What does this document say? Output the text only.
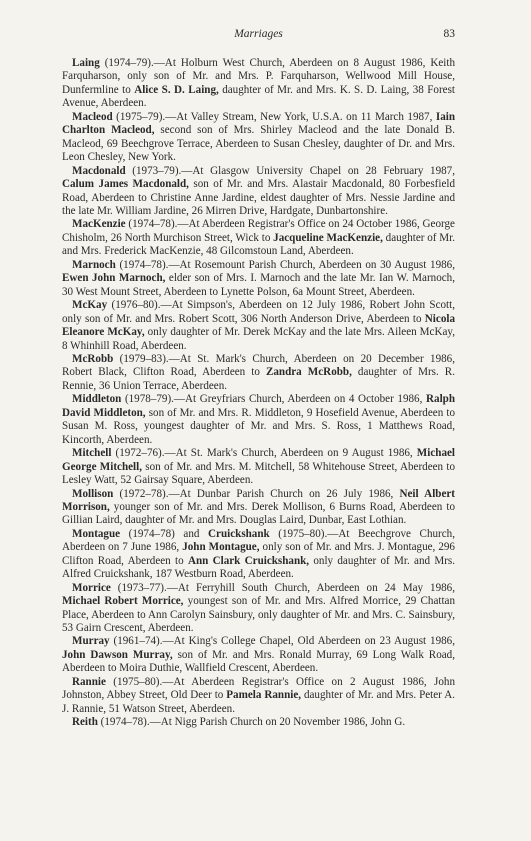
Marriages	83

Laing (1974–79).—At Holburn West Church, Aberdeen on 8 August 1986, Keith Farquharson, only son of Mr. and Mrs. P. Farquharson, Wellwood Mill House, Dunfermline to Alice S. D. Laing, daughter of Mr. and Mrs. K. S. D. Laing, 38 Forest Avenue, Aberdeen.

Macleod (1975–79).—At Valley Stream, New York, U.S.A. on 11 March 1987, Iain Charlton Macleod, second son of Mrs. Shirley Macleod and the late Donald B. Macleod, 69 Beechgrove Terrace, Aberdeen to Susan Chesley, daughter of Dr. and Mrs. Leon Chesley, New York.

Macdonald (1973–79).—At Glasgow University Chapel on 28 February 1987, Calum James Macdonald, son of Mr. and Mrs. Alastair Macdonald, 80 Forbesfield Road, Aberdeen to Christine Anne Jardine, eldest daughter of Mrs. Nessie Jardine and the late Mr. William Jardine, 26 Mirren Drive, Hardgate, Dunbartonshire.

MacKenzie (1974–78).—At Aberdeen Registrar's Office on 24 October 1986, George Chisholm, 26 North Murchison Street, Wick to Jacqueline MacKenzie, daughter of Mr. and Mrs. Frederick MacKenzie, 48 Gilcomstoun Land, Aberdeen.

Marnoch (1974–78).—At Rosemount Parish Church, Aberdeen on 30 August 1986, Ewen John Marnoch, elder son of Mrs. I. Marnoch and the late Mr. Ian W. Marnoch, 30 West Mount Street, Aberdeen to Lynette Polson, 6a Mount Street, Aberdeen.

McKay (1976–80).—At Simpson's, Aberdeen on 12 July 1986, Robert John Scott, only son of Mr. and Mrs. Robert Scott, 306 North Anderson Drive, Aberdeen to Nicola Eleanore McKay, only daughter of Mr. Derek McKay and the late Mrs. Aileen McKay, 8 Whinhill Road, Aberdeen.

McRobb (1979–83).—At St. Mark's Church, Aberdeen on 20 December 1986, Robert Black, Clifton Road, Aberdeen to Zandra McRobb, daughter of Mrs. R. Rennie, 36 Union Terrace, Aberdeen.

Middleton (1978–79).—At Greyfriars Church, Aberdeen on 4 October 1986, Ralph David Middleton, son of Mr. and Mrs. R. Middleton, 9 Hosefield Avenue, Aberdeen to Susan M. Ross, youngest daughter of Mr. and Mrs. S. Ross, 1 Matthews Road, Kincorth, Aberdeen.

Mitchell (1972–76).—At St. Mark's Church, Aberdeen on 9 August 1986, Michael George Mitchell, son of Mr. and Mrs. M. Mitchell, 58 Whitehouse Street, Aberdeen to Lesley Watt, 52 Gairsay Square, Aberdeen.

Mollison (1972–78).—At Dunbar Parish Church on 26 July 1986, Neil Albert Morrison, younger son of Mr. and Mrs. Derek Mollison, 6 Burns Road, Aberdeen to Gillian Laird, daughter of Mr. and Mrs. Douglas Laird, Dunbar, East Lothian.

Montague (1974–78) and Cruickshank (1975–80).—At Beechgrove Church, Aberdeen on 7 June 1986, John Montague, only son of Mr. and Mrs. J. Montague, 296 Clifton Road, Aberdeen to Ann Clark Cruickshank, only daughter of Mr. and Mrs. Alfred Cruickshank, 187 Westburn Road, Aberdeen.

Morrice (1973–77).—At Ferryhill South Church, Aberdeen on 24 May 1986, Michael Robert Morrice, youngest son of Mr. and Mrs. Alfred Morrice, 29 Chattan Place, Aberdeen to Ann Carolyn Sainsbury, only daughter of Mr. and Mrs. C. Sainsbury, 53 Gairn Crescent, Aberdeen.

Murray (1961–74).—At King's College Chapel, Old Aberdeen on 23 August 1986, John Dawson Murray, son of Mr. and Mrs. Ronald Murray, 69 Long Walk Road, Aberdeen to Moira Duthie, Wallfield Crescent, Aberdeen.

Rannie (1975–80).—At Aberdeen Registrar's Office on 2 August 1986, John Johnston, Abbey Street, Old Deer to Pamela Rannie, daughter of Mr. and Mrs. Peter A. J. Rannie, 51 Watson Street, Aberdeen.

Reith (1974–78).—At Nigg Parish Church on 20 November 1986, John G.
